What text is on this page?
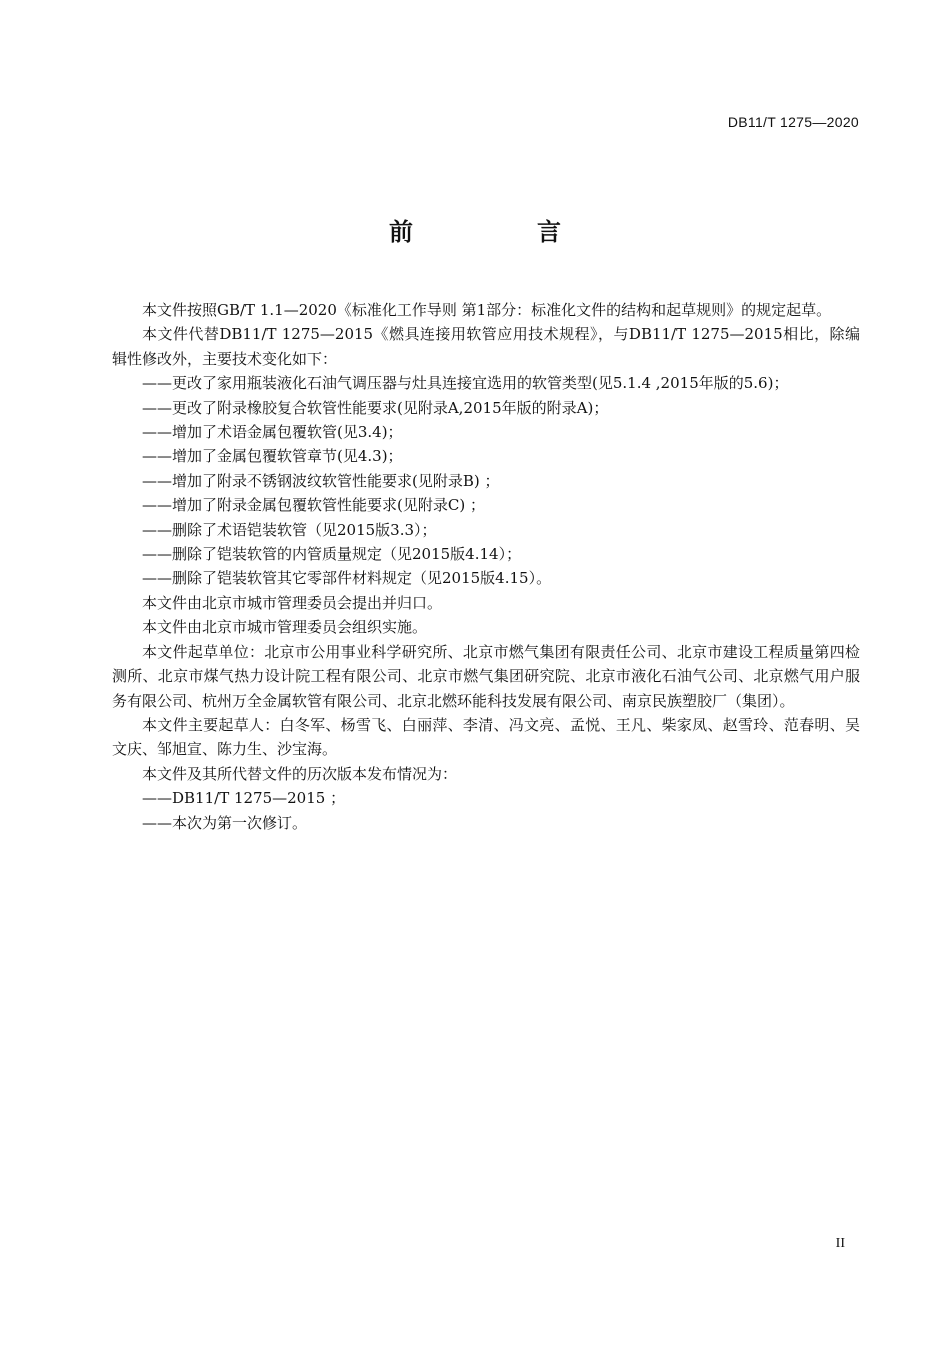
DB11/T 1275—2020
前　言

本文件按照GB/T 1.1—2020《标准化工作导则 第1部分：标准化文件的结构和起草规则》的规定起草。

本文件代替DB11/T 1275—2015《燃具连接用软管应用技术规程》，与DB11/T 1275—2015相比，除编辑性修改外，主要技术变化如下：

——更改了家用瓶装液化石油气调压器与灶具连接宜选用的软管类型(见5.1.4 ,2015年版的5.6)；

——更改了附录橡胶复合软管性能要求(见附录A,2015年版的附录A)；

——增加了术语金属包覆软管(见3.4)；

——增加了金属包覆软管章节(见4.3)；

——增加了附录不锈钢波纹软管性能要求(见附录B) ；

——增加了附录金属包覆软管性能要求(见附录C) ；

——删除了术语铠装软管（见2015版3.3）；

——删除了铠装软管的内管质量规定（见2015版4.14）；

——删除了铠装软管其它零部件材料规定（见2015版4.15）。

本文件由北京市城市管理委员会提出并归口。

本文件由北京市城市管理委员会组织实施。

本文件起草单位：北京市公用事业科学研究所、北京市燃气集团有限责任公司、北京市建设工程质量第四检测所、北京市煤气热力设计院工程有限公司、北京市燃气集团研究院、北京市液化石油气公司、北京燃气用户服务有限公司、杭州万全金属软管有限公司、北京北燃环能科技发展有限公司、南京民族塑胶厂（集团）。

本文件主要起草人：白冬军、杨雪飞、白丽萍、李清、冯文亮、孟悦、王凡、柴家凤、赵雪玲、范春明、吴文庆、邹旭宣、陈力生、沙宝海。

本文件及其所代替文件的历次版本发布情况为：

——DB11/T 1275—2015 ；

——本次为第一次修订。

II
